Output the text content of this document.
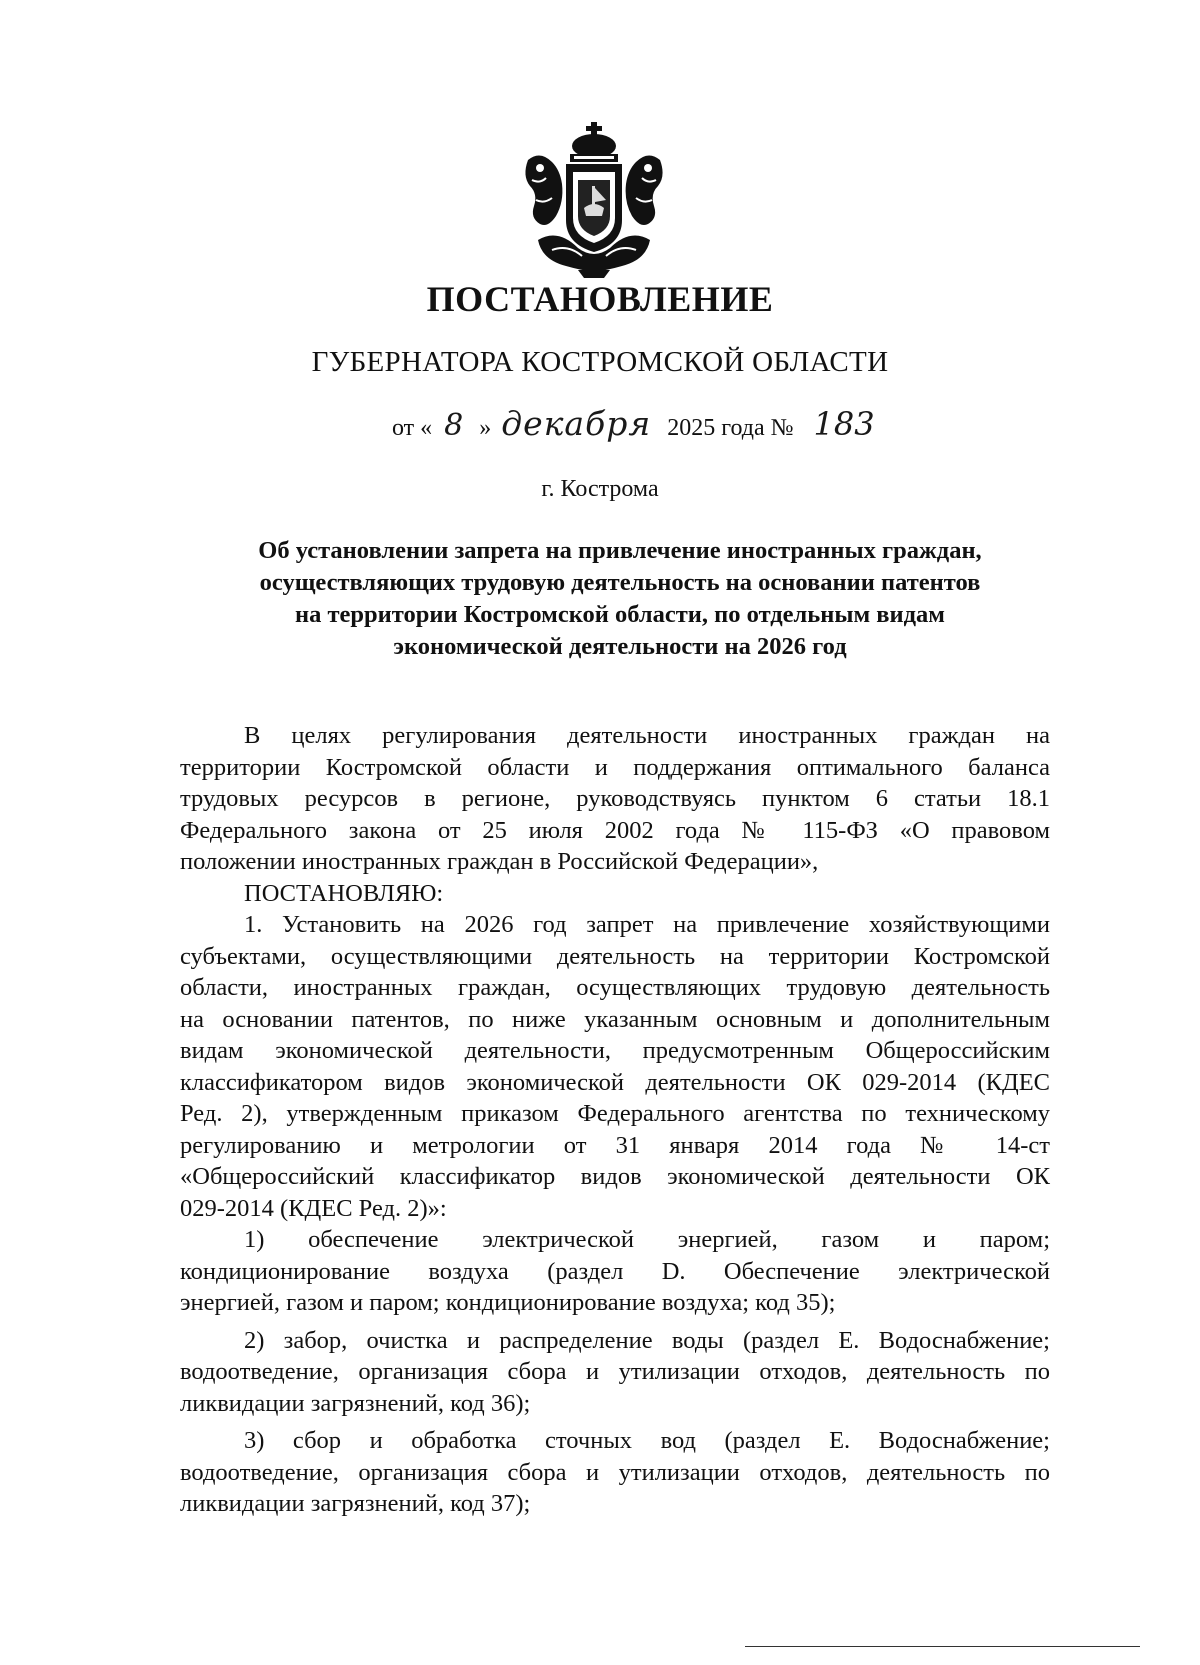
ПОСТАНОВЛЕНИЕ
ГУБЕРНАТОРА КОСТРОМСКОЙ ОБЛАСТИ
от « 8 » декабря 2025 года № 183
г. Кострома
Об установлении запрета на привлечение иностранных граждан,
осуществляющих трудовую деятельность на основании патентов
на территории Костромской области, по отдельным видам
экономической деятельности на 2026 год
В целях регулирования деятельности иностранных граждан на
территории Костромской области и поддержания оптимального баланса
трудовых ресурсов в регионе, руководствуясь пунктом 6 статьи 18.1
Федерального закона от 25 июля 2002 года № 115-ФЗ «О правовом
положении иностранных граждан в Российской Федерации»,
ПОСТАНОВЛЯЮ:
1. Установить на 2026 год запрет на привлечение хозяйствующими
субъектами, осуществляющими деятельность на территории Костромской
области, иностранных граждан, осуществляющих трудовую деятельность
на основании патентов, по ниже указанным основным и дополнительным
видам экономической деятельности, предусмотренным Общероссийским
классификатором видов экономической деятельности ОК 029-2014 (КДЕС
Ред. 2), утвержденным приказом Федерального агентства по техническому
регулированию и метрологии от 31 января 2014 года № 14-ст
«Общероссийский классификатор видов экономической деятельности ОК
029-2014 (КДЕС Ред. 2)»:
1) обеспечение электрической энергией, газом и паром;
кондиционирование воздуха (раздел D. Обеспечение электрической
энергией, газом и паром; кондиционирование воздуха; код 35);
2) забор, очистка и распределение воды (раздел Е. Водоснабжение;
водоотведение, организация сбора и утилизации отходов, деятельность по
ликвидации загрязнений, код 36);
3) сбор и обработка сточных вод (раздел Е. Водоснабжение;
водоотведение, организация сбора и утилизации отходов, деятельность по
ликвидации загрязнений, код 37);
